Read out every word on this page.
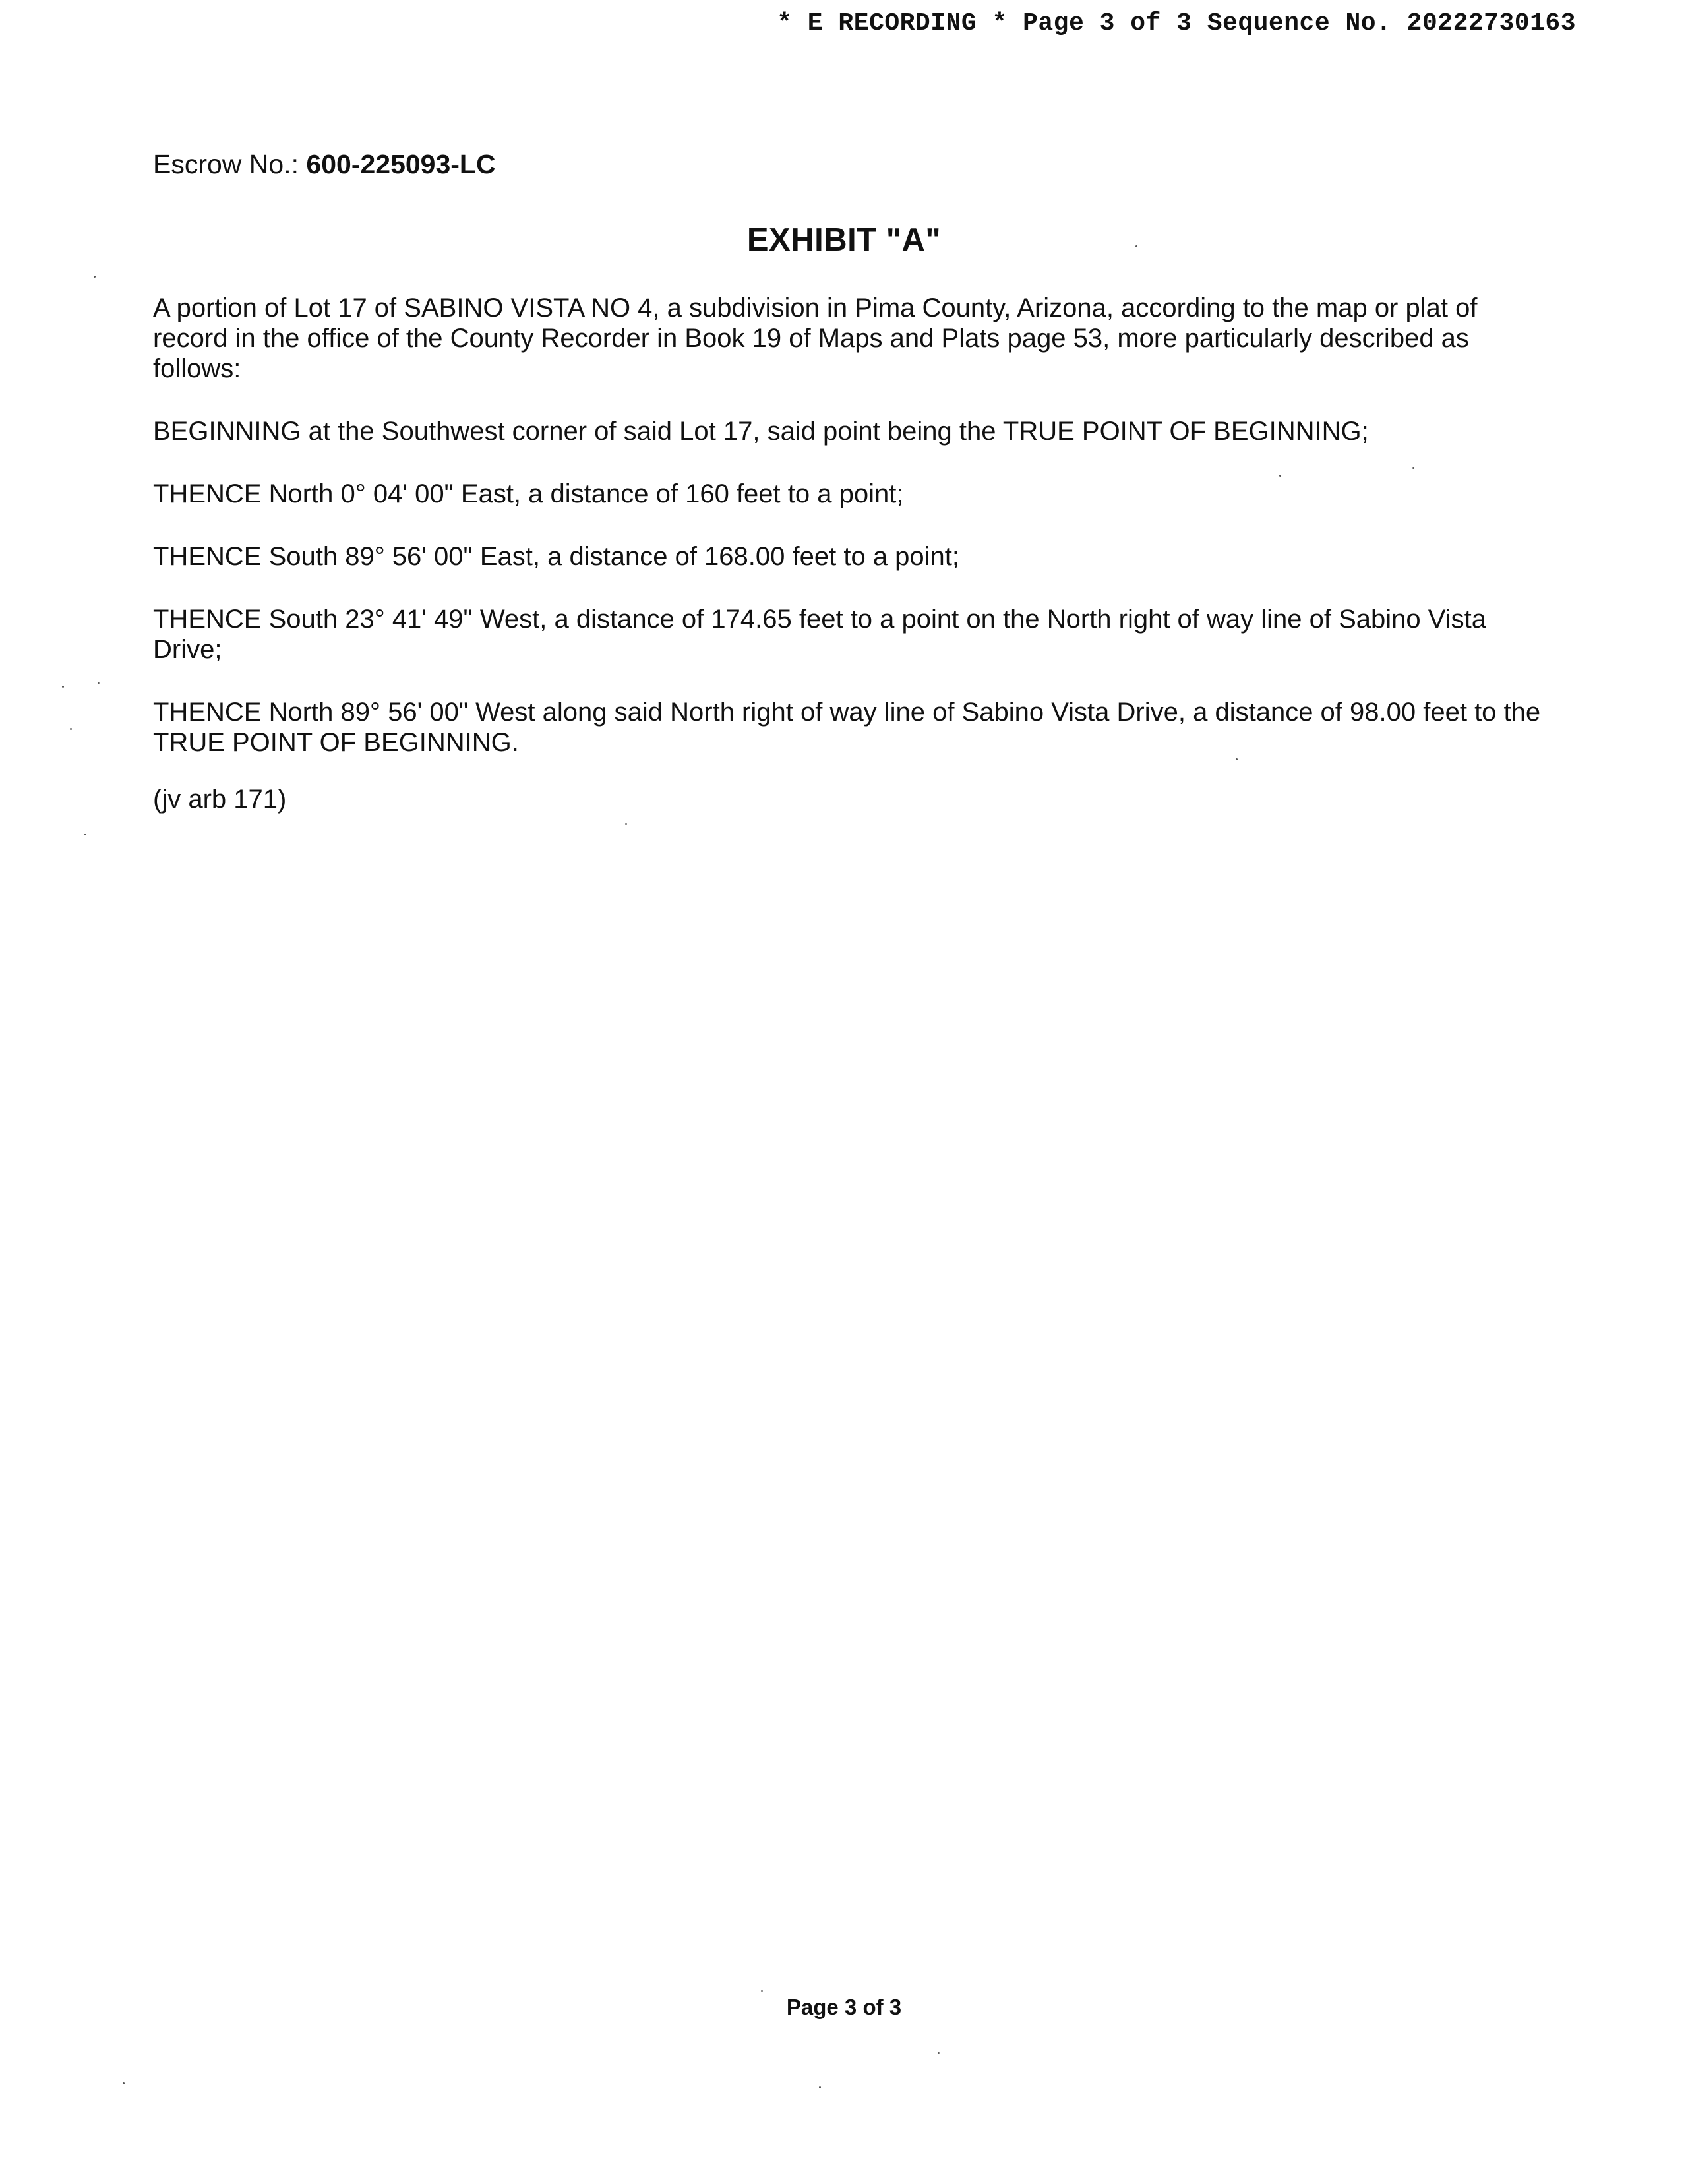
* E RECORDING * Page 3 of 3 Sequence No. 20222730163
Escrow No.: 600-225093-LC
EXHIBIT "A"

A portion of Lot 17 of SABINO VISTA NO 4, a subdivision in Pima County, Arizona, according to the map or plat of record in the office of the County Recorder in Book 19 of Maps and Plats page 53, more particularly described as follows:

BEGINNING at the Southwest corner of said Lot 17, said point being the TRUE POINT OF BEGINNING;

THENCE North 0° 04' 00" East, a distance of 160 feet to a point;

THENCE South 89° 56' 00" East, a distance of 168.00 feet to a point;

THENCE South 23° 41' 49" West, a distance of 174.65 feet to a point on the North right of way line of Sabino Vista Drive;

THENCE North 89° 56' 00" West along said North right of way line of Sabino Vista Drive, a distance of 98.00 feet to the TRUE POINT OF BEGINNING.

(jv arb 171)

Page 3 of 3
